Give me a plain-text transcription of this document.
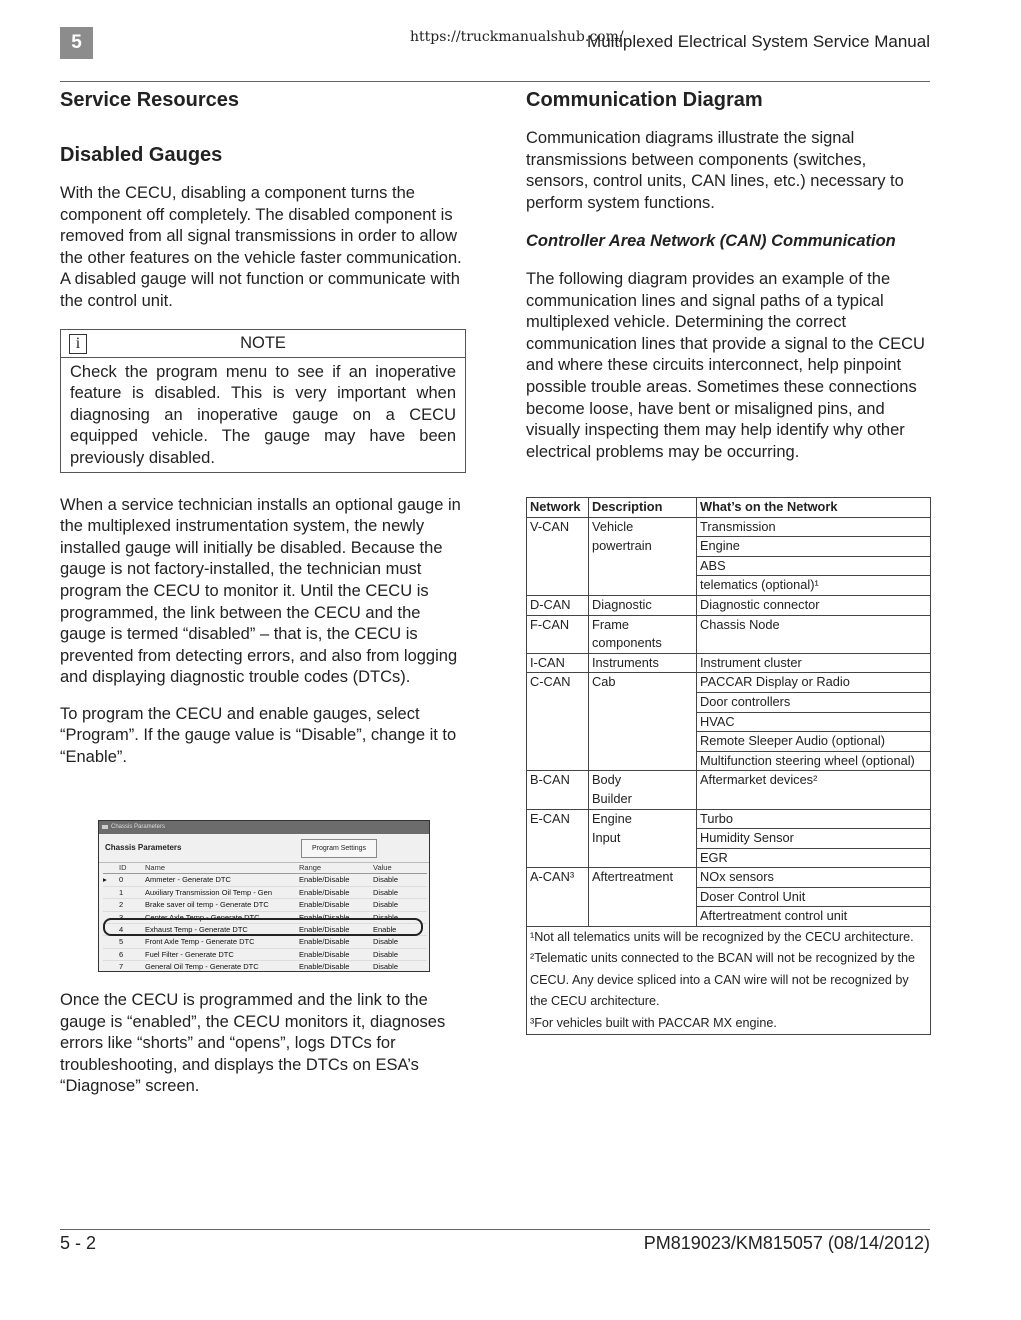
5	https://truckmanualshub.com/
Multiplexed Electrical System Service Manual
Service Resources
Disabled Gauges

With the CECU, disabling a component turns the component off completely. The disabled component is removed from all signal transmissions in order to allow the other features on the vehicle faster communication. A disabled gauge will not function or communicate with the control unit.

i	NOTE
Check the program menu to see if an inoperative feature is disabled. This is very important when diagnosing an inoperative gauge on a CECU equipped vehicle. The gauge may have been previously disabled.

When a service technician installs an optional gauge in the multiplexed instrumentation system, the newly installed gauge will initially be disabled. Because the gauge is not factory-installed, the technician must program the CECU to monitor it. Until the CECU is programmed, the link between the CECU and the gauge is termed “disabled” – that is, the CECU is prevented from detecting errors, and also from logging and displaying diagnostic trouble codes (DTCs).

To program the CECU and enable gauges, select “Program”. If the gauge value is “Disable”, change it to “Enable”.

Chassis Parameters
Chassis Parameters	Program Settings
ID Name	Range	Value
▸ 0	Ammeter - Generate DTC	Enable/Disable	Disable
1	Auxiliary Transmission Oil Temp - Gen	Enable/Disable	Disable
2	Brake saver oil temp - Generate DTC	Enable/Disable	Disable
3	Center Axle Temp - Generate DTC	Enable/Disable	Disable
4	Exhaust Temp - Generate DTC	Enable/Disable	Enable
5	Front Axle Temp - Generate DTC	Enable/Disable	Disable
6	Fuel Filter - Generate DTC	Enable/Disable	Disable
7	General Oil Temp - Generate DTC	Enable/Disable	Disable

Once the CECU is programmed and the link to the gauge is “enabled”, the CECU monitors it, diagnoses errors like “shorts” and “opens”, logs DTCs for troubleshooting, and displays the DTCs on ESA’s “Diagnose” screen.

Communication Diagram

Communication diagrams illustrate the signal transmissions between components (switches, sensors, control units, CAN lines, etc.) necessary to perform system functions.

Controller Area Network (CAN) Communication

The following diagram provides an example of the communication lines and signal paths of a typical multiplexed vehicle. Determining the correct communication lines that provide a signal to the CECU and where these circuits interconnect, help pinpoint possible trouble areas. Sometimes these connections become loose, have bent or misaligned pins, and visually inspecting them may help identify why other electrical problems may be occurring.

Network	Description	What’s on the Network
V-CAN	Vehicle	Transmission
	powertrain	Engine
		ABS
		telematics (optional)¹
D-CAN	Diagnostic	Diagnostic connector
F-CAN	Frame components	Chassis Node
I-CAN	Instruments	Instrument cluster
C-CAN	Cab	PACCAR Display or Radio
		Door controllers
		HVAC
		Remote Sleeper Audio (optional)
		Multifunction steering wheel (optional)
B-CAN	Body Builder	Aftermarket devices²
E-CAN	Engine	Turbo
	Input	Humidity Sensor
		EGR
A-CAN³	Aftertreatment	NOx sensors
		Doser Control Unit
		Aftertreatment control unit
¹Not all telematics units will be recognized by the CECU architecture.		
²Telematic units connected to the BCAN will not be recognized by the CECU. Any device spliced into a CAN wire will not be recognized by the CECU architecture.		
³For vehicles built with PACCAR MX engine.		
5 - 2	PM819023/KM815057 (08/14/2012)
